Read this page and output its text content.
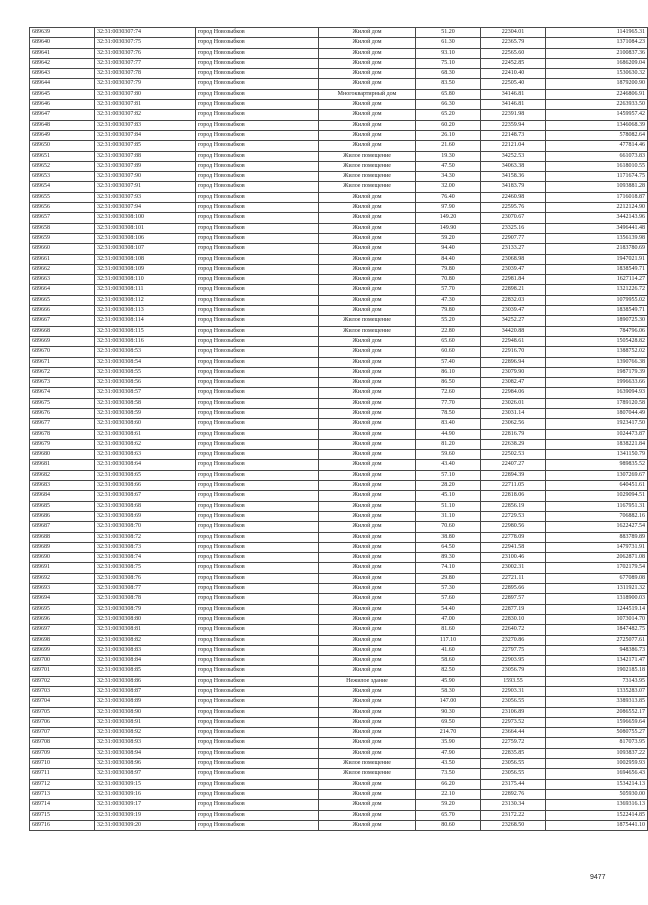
689639	32:31:0030307:74	город Новозыбков	Жилой дом	51.20	22304.01	1141965.31
689640	32:31:0030307:75	город Новозыбков	Жилой дом	61.30	22365.79	1371084.23
689641	32:31:0030307:76	город Новозыбков	Жилой дом	93.10	22565.60	2100837.36
689642	32:31:0030307:77	город Новозыбков	Жилой дом	75.10	22452.85	1686209.04
689643	32:31:0030307:78	город Новозыбков	Жилой дом	68.30	22410.40	1530630.32
689644	32:31:0030307:79	город Новозыбков	Жилой дом	83.50	22505.40	1879200.90
689645	32:31:0030307:80	город Новозыбков	Многоквартирный дом	65.80	34146.81	2246806.91
689646	32:31:0030307:81	город Новозыбков	Жилой дом	66.30	34146.81	2263933.50
689647	32:31:0030307:82	город Новозыбков	Жилой дом	65.20	22391.98	1459957.42
689648	32:31:0030307:83	город Новозыбков	Жилой дом	60.20	22359.94	1346068.39
689649	32:31:0030307:84	город Новозыбков	Жилой дом	26.10	22148.73	578082.64
689650	32:31:0030307:85	город Новозыбков	Жилой дом	21.60	22121.04	477814.46
689651	32:31:0030307:88	город Новозыбков	Жилое помещение	19.30	34252.53	661073.83
689652	32:31:0030307:89	город Новозыбков	Жилое помещение	47.50	34063.38	1618010.55
689653	32:31:0030307:90	город Новозыбков	Жилое помещение	34.30	34158.36	1171674.75
689654	32:31:0030307:91	город Новозыбков	Жилое помещение	32.00	34183.79	1093881.28
689655	32:31:0030307:93	город Новозыбков	Жилой дом	76.40	22460.98	1716018.87
689656	32:31:0030307:94	город Новозыбков	Жилой дом	97.90	22595.76	2212124.90
689657	32:31:0030308:100	город Новозыбков	Жилой дом	149.20	23070.67	3442143.96
689658	32:31:0030308:101	город Новозыбков	Жилой дом	149.90	23325.16	3496441.48
689659	32:31:0030308:106	город Новозыбков	Жилой дом	59.20	22907.77	1356139.98
689660	32:31:0030308:107	город Новозыбков	Жилой дом	94.40	23133.27	2183780.69
689661	32:31:0030308:108	город Новозыбков	Жилой дом	84.40	23068.98	1947021.91
689662	32:31:0030308:109	город Новозыбков	Жилой дом	79.80	23039.47	1838549.71
689663	32:31:0030308:110	город Новозыбков	Жилой дом	70.80	22981.84	1627114.27
689664	32:31:0030308:111	город Новозыбков	Жилой дом	57.70	22898.21	1321226.72
689665	32:31:0030308:112	город Новозыбков	Жилой дом	47.30	22832.03	1079955.02
689666	32:31:0030308:113	город Новозыбков	Жилой дом	79.80	23039.47	1838549.71
689667	32:31:0030308:114	город Новозыбков	Жилое помещение	55.20	34252.27	1890725.30
689668	32:31:0030308:115	город Новозыбков	Жилое помещение	22.80	34420.88	784796.06
689669	32:31:0030308:116	город Новозыбков	Жилой дом	65.60	22948.61	1505428.82
689670	32:31:0030308:53	город Новозыбков	Жилой дом	60.60	22916.70	1388752.02
689671	32:31:0030308:54	город Новозыбков	Жилой дом	57.40	22896.94	1390766.38
689672	32:31:0030308:55	город Новозыбков	Жилой дом	86.10	23079.90	1987179.39
689673	32:31:0030308:56	город Новозыбков	Жилой дом	86.50	23082.47	1996633.66
689674	32:31:0030308:57	город Новозыбков	Жилой дом	72.60	22984.06	1639094.93
689675	32:31:0030308:58	город Новозыбков	Жилой дом	77.70	23026.01	1789120.58
689676	32:31:0030308:59	город Новозыбков	Жилой дом	78.50	23031.14	1807044.49
689677	32:31:0030308:60	город Новозыбков	Жилой дом	83.40	23062.56	1923417.50
689678	32:31:0030308:61	город Новозыбков	Жилой дом	44.90	22816.79	1024473.87
689679	32:31:0030308:62	город Новозыбков	Жилой дом	81.20	22638.29	1838221.84
689680	32:31:0030308:63	город Новозыбков	Жилой дом	59.60	22502.53	1341150.79
689681	32:31:0030308:64	город Новозыбков	Жилой дом	43.40	22407.27	989835.52
689682	32:31:0030308:65	город Новозыбков	Жилой дом	57.10	22894.39	1307269.67
689683	32:31:0030308:66	город Новозыбков	Жилой дом	28.20	22711.05	640451.61
689684	32:31:0030308:67	город Новозыбков	Жилой дом	45.10	22818.06	1029094.51
689685	32:31:0030308:68	город Новозыбков	Жилой дом	51.10	22856.19	1167951.31
689686	32:31:0030308:69	город Новозыбков	Жилой дом	31.10	22729.53	706882.16
689687	32:31:0030308:70	город Новозыбков	Жилой дом	70.60	22980.56	1622427.54
689688	32:31:0030308:72	город Новозыбков	Жилой дом	38.80	22778.09	883789.89
689689	32:31:0030308:73	город Новозыбков	Жилой дом	64.50	22941.58	1479731.91
689690	32:31:0030308:74	город Новозыбков	Жилой дом	89.30	23100.46	2062871.08
689691	32:31:0030308:75	город Новозыбков	Жилой дом	74.10	23002.31	1702179.54
689692	32:31:0030308:76	город Новозыбков	Жилой дом	29.80	22721.11	677089.08
689693	32:31:0030308:77	город Новозыбков	Жилой дом	57.30	22895.66	1311921.32
689694	32:31:0030308:78	город Новозыбков	Жилой дом	57.60	22897.57	1318900.03
689695	32:31:0030308:79	город Новозыбков	Жилой дом	54.40	22877.19	1244519.14
689696	32:31:0030308:80	город Новозыбков	Жилой дом	47.00	22830.10	1073014.70
689697	32:31:0030308:81	город Новозыбков	Жилой дом	81.60	22640.72	1847482.75
689698	32:31:0030308:82	город Новозыбков	Жилой дом	117.10	23270.86	2725077.61
689699	32:31:0030308:83	город Новозыбков	Жилой дом	41.60	22797.75	948386.73
689700	32:31:0030308:84	город Новозыбков	Жилой дом	58.60	22903.95	1342171.47
689701	32:31:0030308:85	город Новозыбков	Жилой дом	82.50	23056.79	1902185.18
689702	32:31:0030308:86	город Новозыбков	Нежилое здание	45.90	1593.55	73143.95
689703	32:31:0030308:87	город Новозыбков	Жилой дом	58.30	22903.31	1335283.07
689704	32:31:0030308:89	город Новозыбков	Жилой дом	147.00	23056.55	3389313.85
689705	32:31:0030308:90	город Новозыбков	Жилой дом	90.30	23106.89	2086552.17
689706	32:31:0030308:91	город Новозыбков	Жилой дом	69.50	22973.52	1596659.64
689707	32:31:0030308:92	город Новозыбков	Жилой дом	214.70	23664.44	5080755.27
689708	32:31:0030308:93	город Новозыбков	Жилой дом	35.90	22759.72	817073.95
689709	32:31:0030308:94	город Новозыбков	Жилой дом	47.90	22835.85	1093837.22
689710	32:31:0030308:96	город Новозыбков	Жилое помещение	43.50	23056.55	1002959.93
689711	32:31:0030308:97	город Новозыбков	Жилое помещение	73.50	23056.55	1694656.43
689712	32:31:0030309:15	город Новозыбков	Жилой дом	66.20	23175.44	1534214.13
689713	32:31:0030309:16	город Новозыбков	Жилой дом	22.10	22892.76	505930.00
689714	32:31:0030309:17	город Новозыбков	Жилой дом	59.20	23130.34	1369316.13
689715	32:31:0030309:19	город Новозыбков	Жилой дом	65.70	23172.22	1522414.85
689716	32:31:0030309:20	город Новозыбков	Жилой дом	80.60	23268.50	1875441.10
9477
